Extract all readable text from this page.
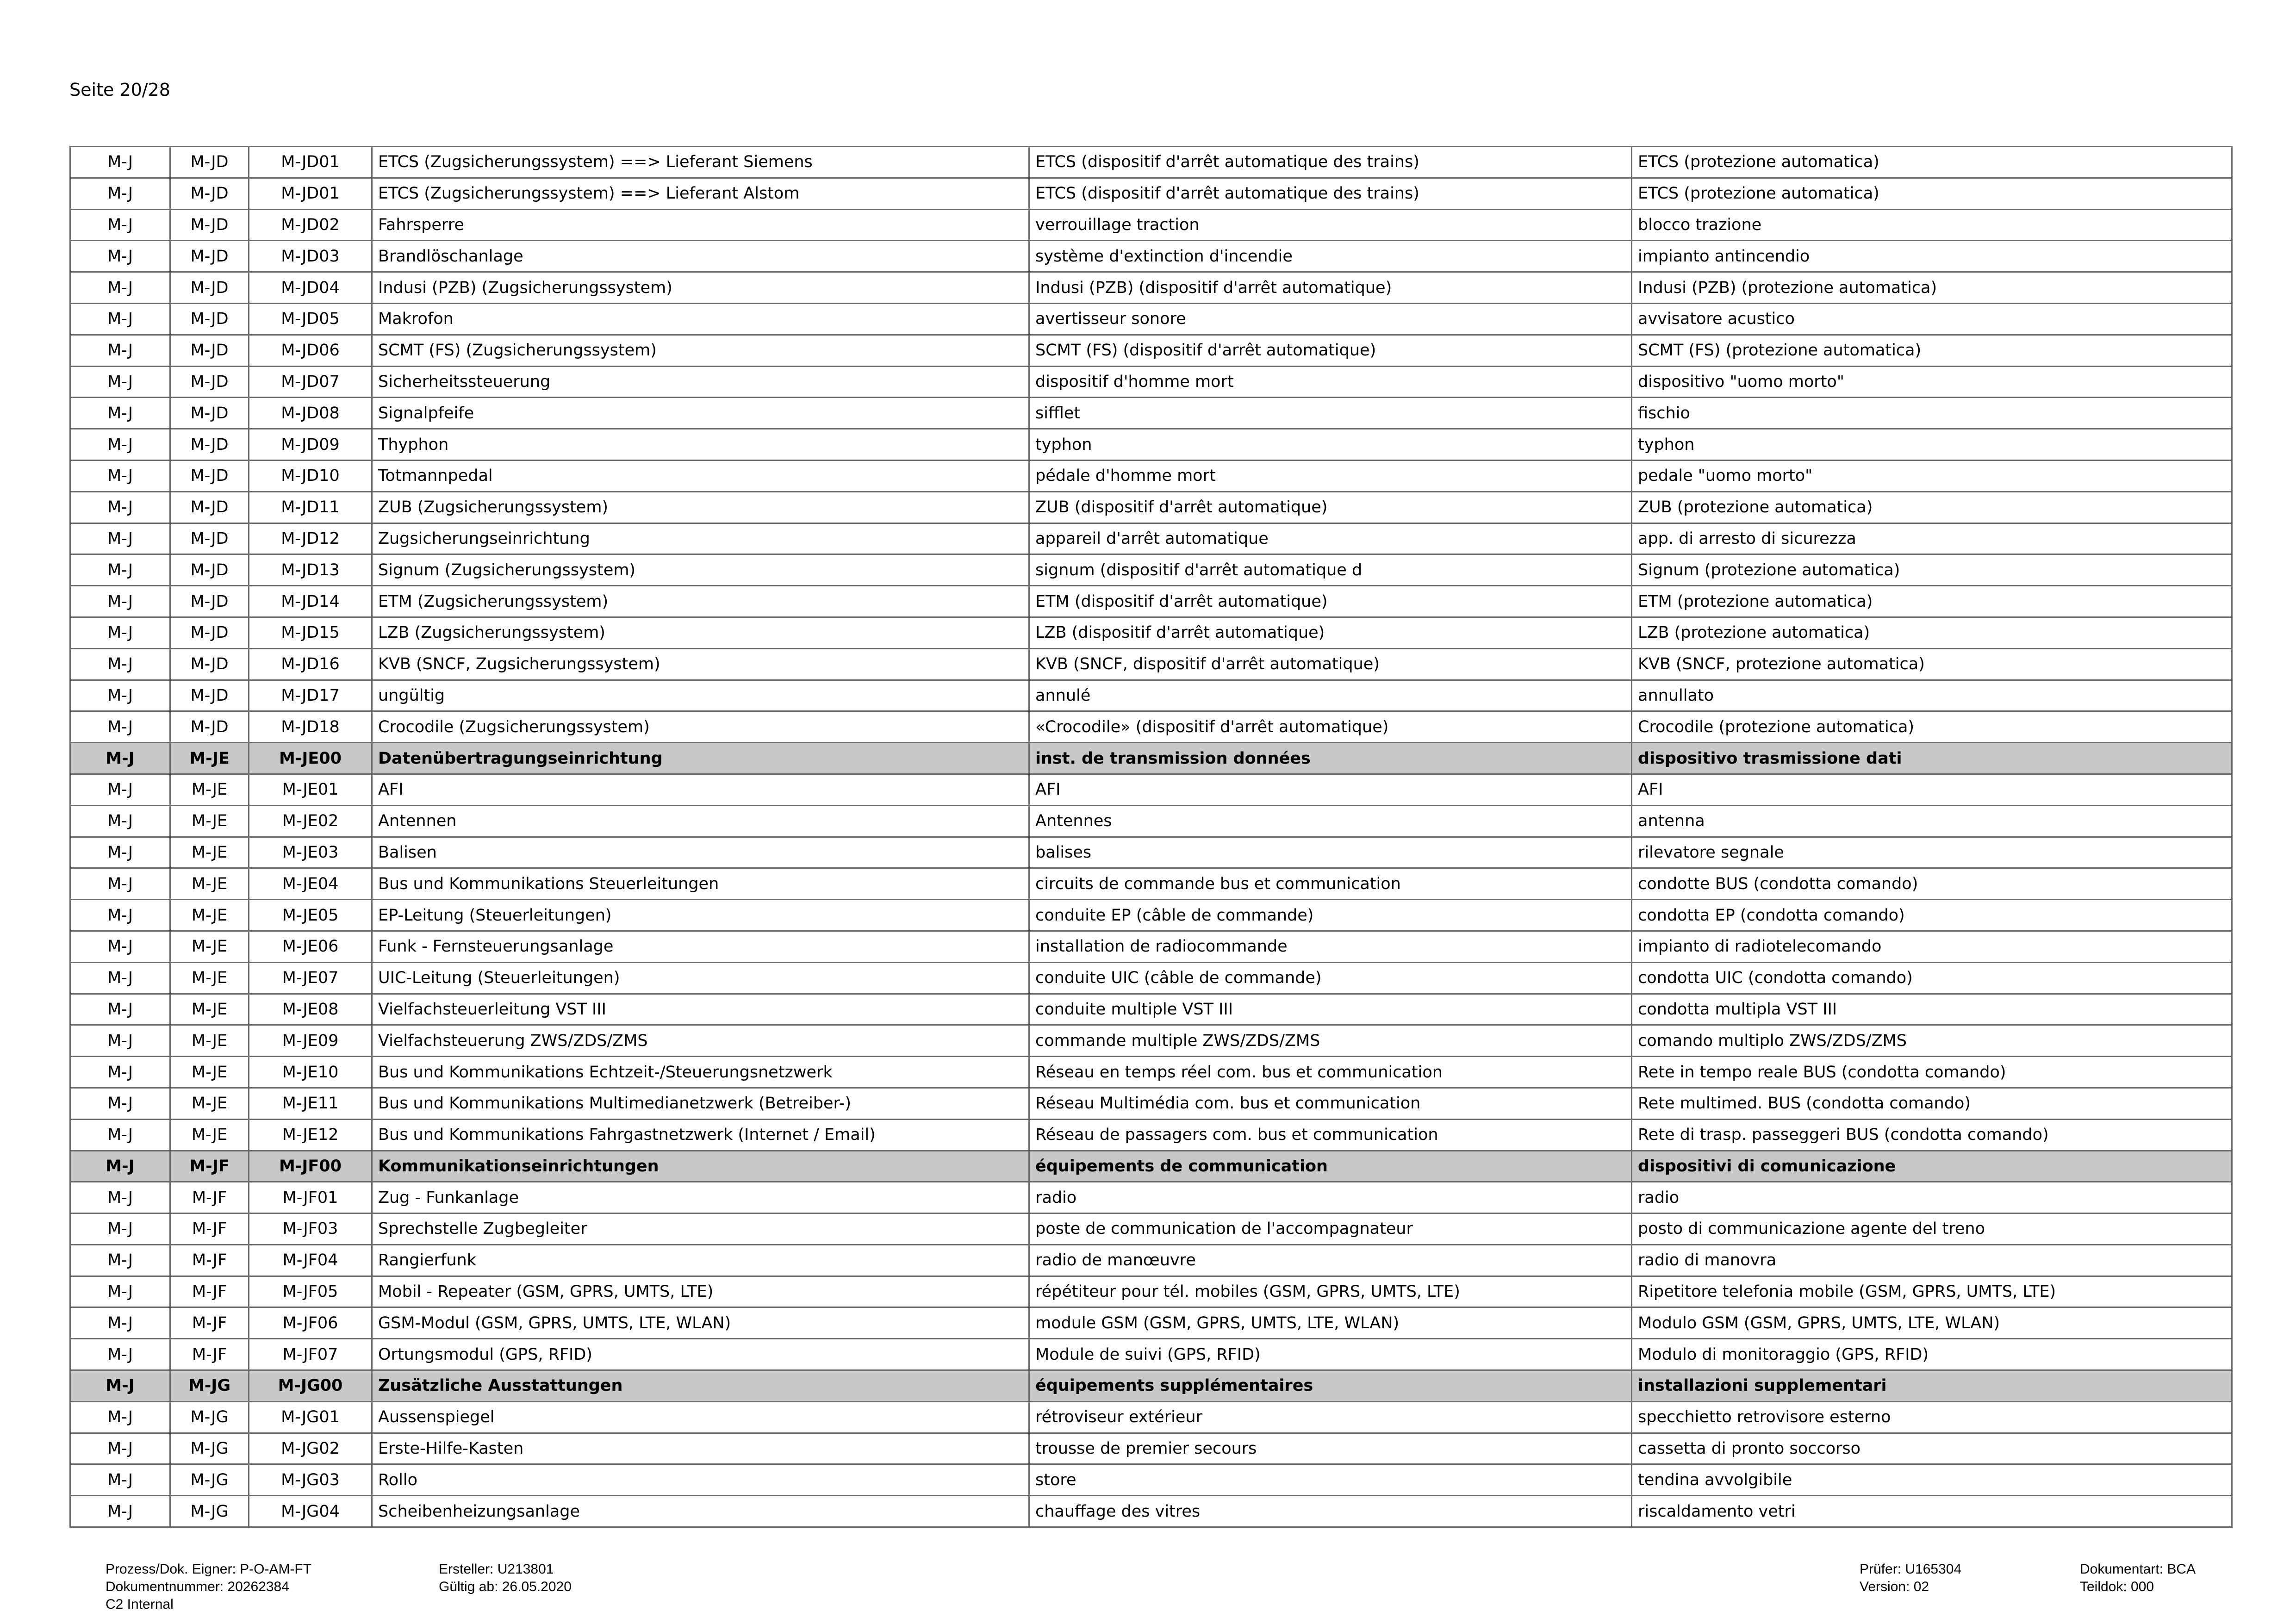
Seite 20/28
M-J	M-JD	M-JD01	ETCS (Zugsicherungssystem) ==> Lieferant Siemens	ETCS (dispositif d'arrêt automatique des trains)	ETCS (protezione automatica)
M-J	M-JD	M-JD01	ETCS (Zugsicherungssystem) ==> Lieferant Alstom	ETCS (dispositif d'arrêt automatique des trains)	ETCS (protezione automatica)
M-J	M-JD	M-JD02	Fahrsperre	verrouillage traction	blocco trazione
M-J	M-JD	M-JD03	Brandlöschanlage	système d'extinction d'incendie	impianto antincendio
M-J	M-JD	M-JD04	Indusi (PZB) (Zugsicherungssystem)	Indusi (PZB) (dispositif d'arrêt automatique)	Indusi (PZB) (protezione automatica)
M-J	M-JD	M-JD05	Makrofon	avertisseur sonore	avvisatore acustico
M-J	M-JD	M-JD06	SCMT (FS) (Zugsicherungssystem)	SCMT (FS) (dispositif d'arrêt automatique)	SCMT (FS) (protezione automatica)
M-J	M-JD	M-JD07	Sicherheitssteuerung	dispositif d'homme mort	dispositivo "uomo morto"
M-J	M-JD	M-JD08	Signalpfeife	sifflet	fischio
M-J	M-JD	M-JD09	Thyphon	typhon	typhon
M-J	M-JD	M-JD10	Totmannpedal	pédale d'homme mort	pedale "uomo morto"
M-J	M-JD	M-JD11	ZUB (Zugsicherungssystem)	ZUB (dispositif d'arrêt automatique)	ZUB (protezione automatica)
M-J	M-JD	M-JD12	Zugsicherungseinrichtung	appareil d'arrêt automatique	app. di arresto di sicurezza
M-J	M-JD	M-JD13	Signum (Zugsicherungssystem)	signum (dispositif d'arrêt automatique d	Signum (protezione automatica)
M-J	M-JD	M-JD14	ETM (Zugsicherungssystem)	ETM (dispositif d'arrêt automatique)	ETM (protezione automatica)
M-J	M-JD	M-JD15	LZB (Zugsicherungssystem)	LZB (dispositif d'arrêt automatique)	LZB (protezione automatica)
M-J	M-JD	M-JD16	KVB (SNCF, Zugsicherungssystem)	KVB (SNCF, dispositif d'arrêt automatique)	KVB (SNCF, protezione automatica)
M-J	M-JD	M-JD17	ungültig	annulé	annullato
M-J	M-JD	M-JD18	Crocodile (Zugsicherungssystem)	«Crocodile» (dispositif d'arrêt automatique)	Crocodile (protezione automatica)
M-J	M-JE	M-JE00	Datenübertragungseinrichtung	inst. de transmission données	dispositivo trasmissione dati
M-J	M-JE	M-JE01	AFI	AFI	AFI
M-J	M-JE	M-JE02	Antennen	Antennes	antenna
M-J	M-JE	M-JE03	Balisen	balises	rilevatore segnale
M-J	M-JE	M-JE04	Bus und Kommunikations Steuerleitungen	circuits de commande bus et communication	condotte BUS (condotta comando)
M-J	M-JE	M-JE05	EP-Leitung (Steuerleitungen)	conduite EP (câble de commande)	condotta EP (condotta comando)
M-J	M-JE	M-JE06	Funk - Fernsteuerungsanlage	installation de radiocommande	impianto di radiotelecomando
M-J	M-JE	M-JE07	UIC-Leitung (Steuerleitungen)	conduite UIC (câble de commande)	condotta UIC (condotta comando)
M-J	M-JE	M-JE08	Vielfachsteuerleitung VST III	conduite multiple VST III	condotta multipla VST III
M-J	M-JE	M-JE09	Vielfachsteuerung ZWS/ZDS/ZMS	commande multiple ZWS/ZDS/ZMS	comando multiplo ZWS/ZDS/ZMS
M-J	M-JE	M-JE10	Bus und Kommunikations Echtzeit-/Steuerungsnetzwerk	Réseau en temps réel com. bus et communication	Rete in tempo reale BUS (condotta comando)
M-J	M-JE	M-JE11	Bus und Kommunikations Multimedianetzwerk (Betreiber-)	Réseau Multimédia com. bus et communication	Rete multimed. BUS (condotta comando)
M-J	M-JE	M-JE12	Bus und Kommunikations Fahrgastnetzwerk (Internet / Email)	Réseau de passagers com. bus et communication	Rete di trasp. passeggeri BUS (condotta comando)
M-J	M-JF	M-JF00	Kommunikationseinrichtungen	équipements de communication	dispositivi di comunicazione
M-J	M-JF	M-JF01	Zug - Funkanlage	radio	radio
M-J	M-JF	M-JF03	Sprechstelle Zugbegleiter	poste de communication de l'accompagnateur	posto di communicazione agente del treno
M-J	M-JF	M-JF04	Rangierfunk	radio de manœuvre	radio di manovra
M-J	M-JF	M-JF05	Mobil - Repeater (GSM, GPRS, UMTS, LTE)	répétiteur pour tél. mobiles (GSM, GPRS, UMTS, LTE)	Ripetitore telefonia mobile (GSM, GPRS, UMTS, LTE)
M-J	M-JF	M-JF06	GSM-Modul (GSM, GPRS, UMTS, LTE, WLAN)	module GSM (GSM, GPRS, UMTS, LTE, WLAN)	Modulo GSM (GSM, GPRS, UMTS, LTE, WLAN)
M-J	M-JF	M-JF07	Ortungsmodul (GPS, RFID)	Module de suivi (GPS, RFID)	Modulo di monitoraggio (GPS, RFID)
M-J	M-JG	M-JG00	Zusätzliche Ausstattungen	équipements supplémentaires	installazioni supplementari
M-J	M-JG	M-JG01	Aussenspiegel	rétroviseur extérieur	specchietto retrovisore esterno
M-J	M-JG	M-JG02	Erste-Hilfe-Kasten	trousse de premier secours	cassetta di pronto soccorso
M-J	M-JG	M-JG03	Rollo	store	tendina avvolgibile
M-J	M-JG	M-JG04	Scheibenheizungsanlage	chauffage des vitres	riscaldamento vetri
Prozess/Dok. Eigner: P-O-AM-FT
Dokumentnummer: 20262384
C2 Internal
Ersteller: U213801
Gültig ab: 26.05.2020
Prüfer: U165304
Version: 02
Dokumentart: BCA
Teildok: 000
